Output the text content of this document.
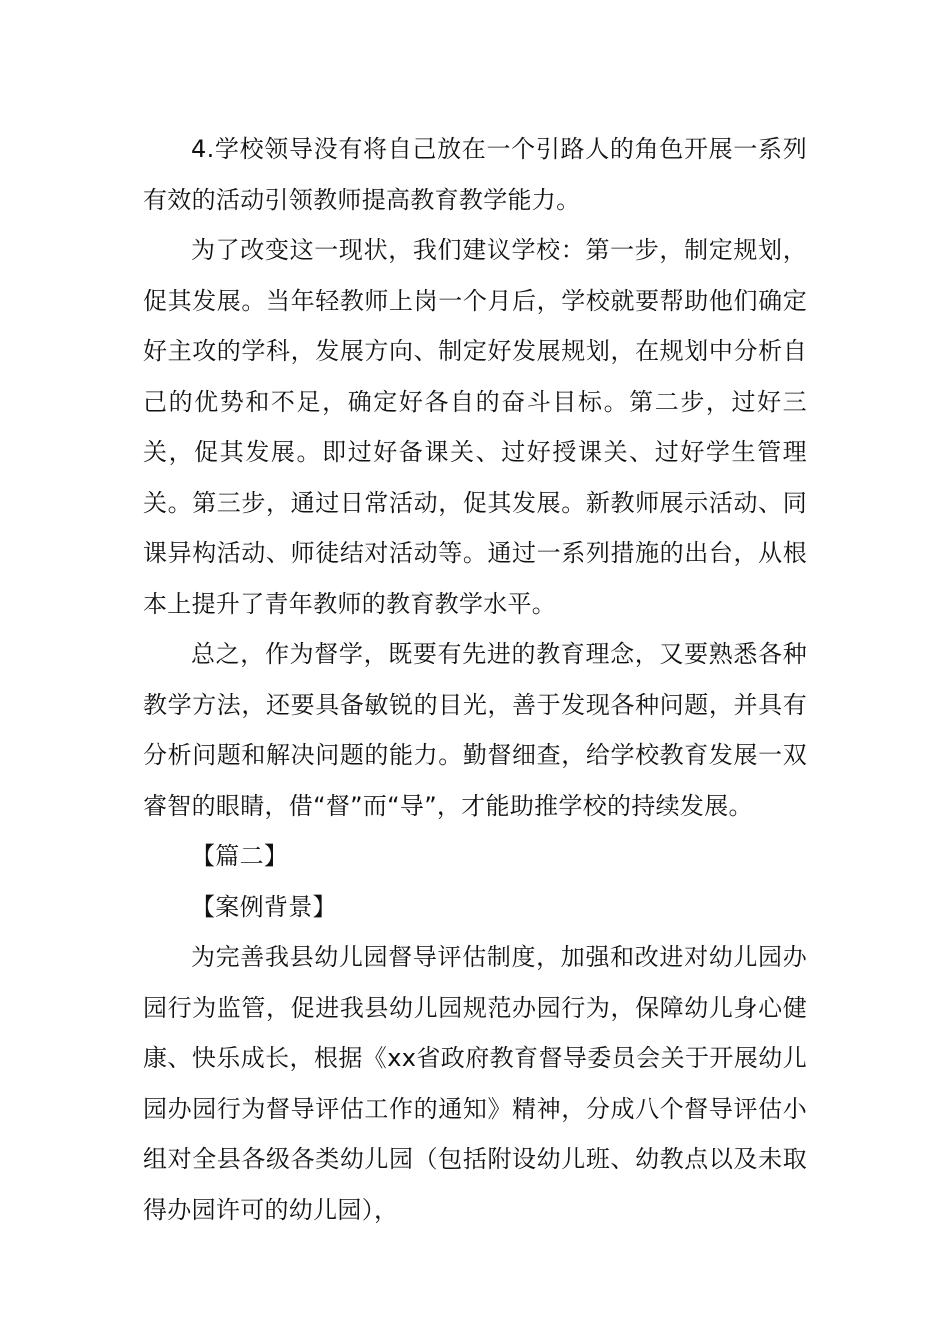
4.学校领导没有将自己放在一个引路人的角色开展一系列有效的活动引领教师提高教育教学能力。

为了改变这一现状，我们建议学校：第一步，制定规划，促其发展。当年轻教师上岗一个月后，学校就要帮助他们确定好主攻的学科，发展方向、制定好发展规划，在规划中分析自己的优势和不足，确定好各自的奋斗目标。第二步，过好三关，促其发展。即过好备课关、过好授课关、过好学生管理关。第三步，通过日常活动，促其发展。新教师展示活动、同课异构活动、师徒结对活动等。通过一系列措施的出台，从根本上提升了青年教师的教育教学水平。

总之，作为督学，既要有先进的教育理念，又要熟悉各种教学方法，还要具备敏锐的目光，善于发现各种问题，并具有分析问题和解决问题的能力。勤督细查，给学校教育发展一双睿智的眼睛，借“督”而“导”，才能助推学校的持续发展。

【篇二】

【案例背景】

为完善我县幼儿园督导评估制度，加强和改进对幼儿园办园行为监管，促进我县幼儿园规范办园行为，保障幼儿身心健康、快乐成长，根据《xx省政府教育督导委员会关于开展幼儿园办园行为督导评估工作的通知》精神，分成八个督导评估小组对全县各级各类幼儿园（包括附设幼儿班、幼教点以及未取得办园许可的幼儿园），
